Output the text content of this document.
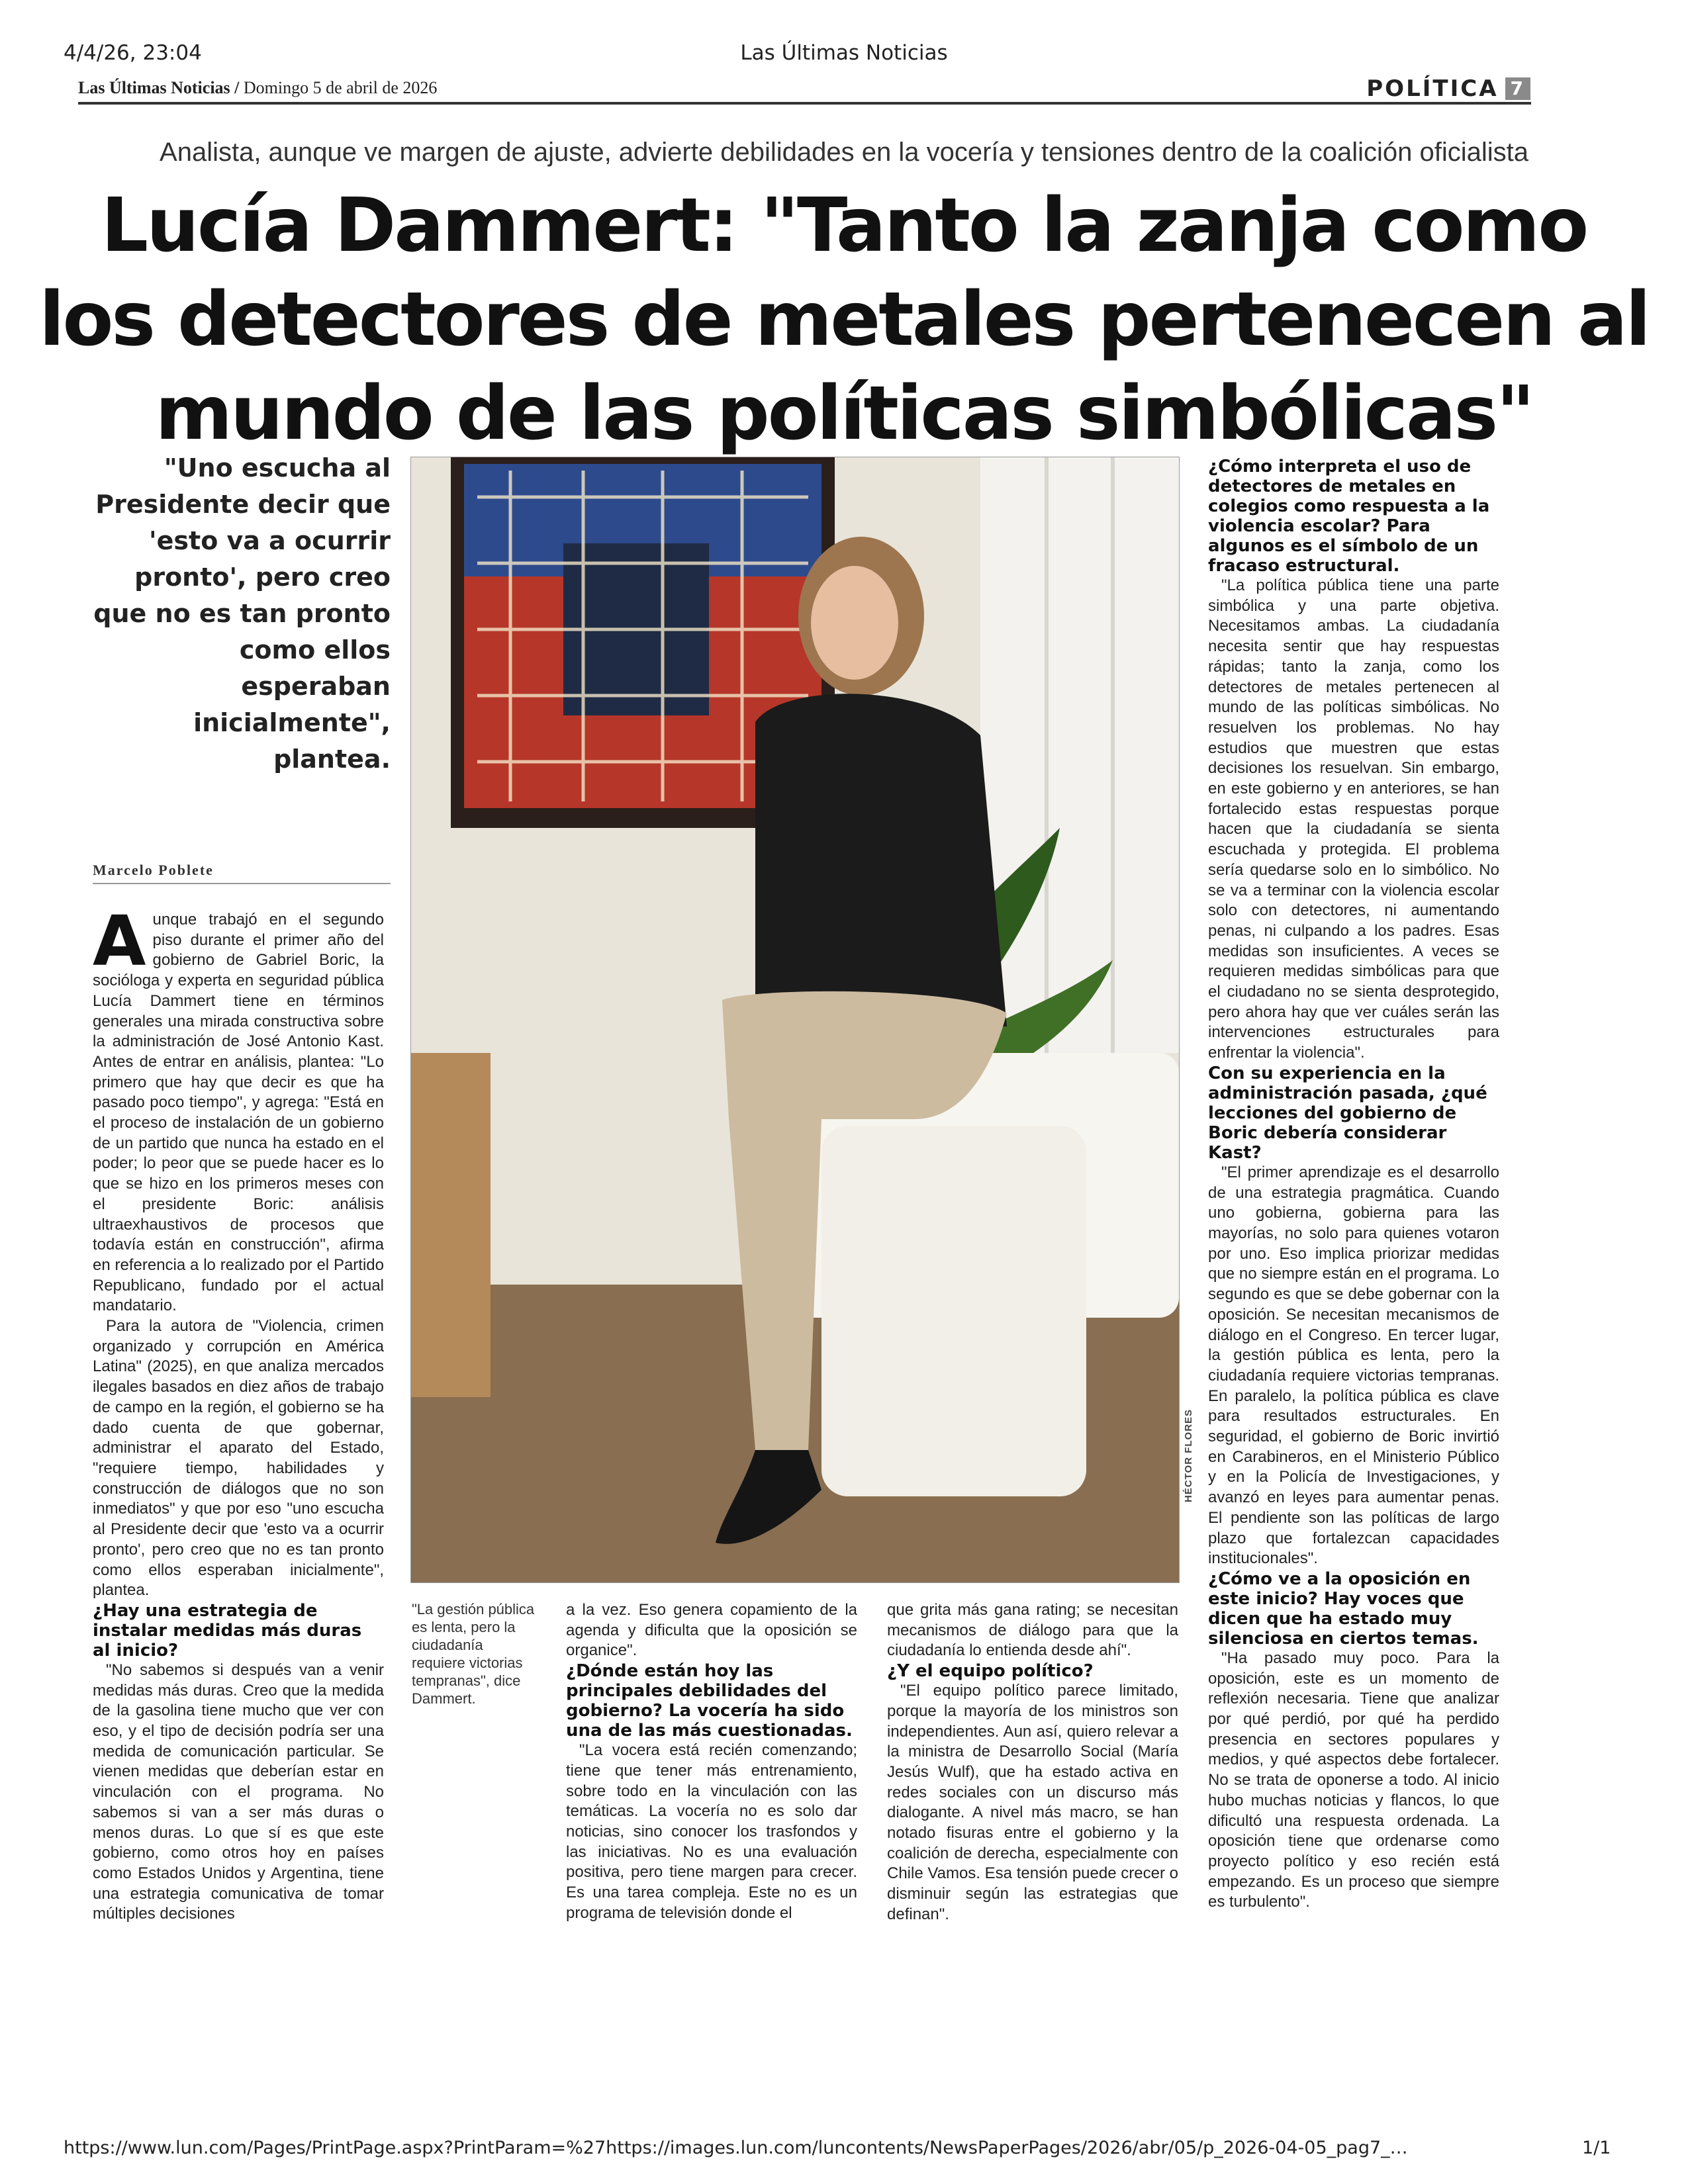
4/4/26, 23:04	Las Últimas Noticias
Las Últimas Noticias / Domingo 5 de abril de 2026	POLÍTICA 7
Analista, aunque ve margen de ajuste, advierte debilidades en la vocería y tensiones dentro de la coalición oficialista
Lucía Dammert: "Tanto la zanja como
los detectores de metales pertenecen al
mundo de las políticas simbólicas"
"Uno escucha al Presidente decir que 'esto va a ocurrir pronto', pero creo que no es tan pronto como ellos esperaban inicialmente", plantea.
Marcelo Poblete
HÉCTOR FLORES

Aunque trabajó en el segundo piso durante el primer año del gobierno de Gabriel Boric, la socióloga y experta en seguridad pública Lucía Dammert tiene en términos generales una mirada constructiva sobre la administración de José Antonio Kast. Antes de entrar en análisis, plantea: "Lo primero que hay que decir es que ha pasado poco tiempo", y agrega: "Está en el proceso de instalación de un gobierno de un partido que nunca ha estado en el poder; lo peor que se puede hacer es lo que se hizo en los primeros meses con el presidente Boric: análisis ultraexhaustivos de procesos que todavía están en construcción", afirma en referencia a lo realizado por el Partido Republicano, fundado por el actual mandatario.

Para la autora de "Violencia, crimen organizado y corrupción en América Latina" (2025), en que analiza mercados ilegales basados en diez años de trabajo de campo en la región, el gobierno se ha dado cuenta de que gobernar, administrar el aparato del Estado, "requiere tiempo, habilidades y construcción de diálogos que no son inmediatos" y que por eso "uno escucha al Presidente decir que 'esto va a ocurrir pronto', pero creo que no es tan pronto como ellos esperaban inicialmente", plantea.

¿Hay una estrategia de instalar medidas más duras al inicio?

"No sabemos si después van a venir medidas más duras. Creo que la medida de la gasolina tiene mucho que ver con eso, y el tipo de decisión podría ser una medida de comunicación particular. Se vienen medidas que deberían estar en vinculación con el programa. No sabemos si van a ser más duras o menos duras. Lo que sí es que este gobierno, como otros hoy en países como Estados Unidos y Argentina, tiene una estrategia comunicativa de tomar múltiples decisiones

"La gestión pública es lenta, pero la ciudadanía requiere victorias tempranas", dice Dammert.

a la vez. Eso genera copamiento de la agenda y dificulta que la oposición se organice".

¿Dónde están hoy las principales debilidades del gobierno? La vocería ha sido una de las más cuestionadas.

"La vocera está recién comenzando; tiene que tener más entrenamiento, sobre todo en la vinculación con las temáticas. La vocería no es solo dar noticias, sino conocer los trasfondos y las iniciativas. No es una evaluación positiva, pero tiene margen para crecer. Es una tarea compleja. Este no es un programa de televisión donde el

que grita más gana rating; se necesitan mecanismos de diálogo para que la ciudadanía lo entienda desde ahí".

¿Y el equipo político?

"El equipo político parece limitado, porque la mayoría de los ministros son independientes. Aun así, quiero relevar a la ministra de Desarrollo Social (María Jesús Wulf), que ha estado activa en redes sociales con un discurso más dialogante. A nivel más macro, se han notado fisuras entre el gobierno y la coalición de derecha, especialmente con Chile Vamos. Esa tensión puede crecer o disminuir según las estrategias que definan".

¿Cómo interpreta el uso de detectores de metales en colegios como respuesta a la violencia escolar? Para algunos es el símbolo de un fracaso estructural.

"La política pública tiene una parte simbólica y una parte objetiva. Necesitamos ambas. La ciudadanía necesita sentir que hay respuestas rápidas; tanto la zanja, como los detectores de metales pertenecen al mundo de las políticas simbólicas. No resuelven los problemas. No hay estudios que muestren que estas decisiones los resuelvan. Sin embargo, en este gobierno y en anteriores, se han fortalecido estas respuestas porque hacen que la ciudadanía se sienta escuchada y protegida. El problema sería quedarse solo en lo simbólico. No se va a terminar con la violencia escolar solo con detectores, ni aumentando penas, ni culpando a los padres. Esas medidas son insuficientes. A veces se requieren medidas simbólicas para que el ciudadano no se sienta desprotegido, pero ahora hay que ver cuáles serán las intervenciones estructurales para enfrentar la violencia".

Con su experiencia en la administración pasada, ¿qué lecciones del gobierno de Boric debería considerar Kast?

"El primer aprendizaje es el desarrollo de una estrategia pragmática. Cuando uno gobierna, gobierna para las mayorías, no solo para quienes votaron por uno. Eso implica priorizar medidas que no siempre están en el programa. Lo segundo es que se debe gobernar con la oposición. Se necesitan mecanismos de diálogo en el Congreso. En tercer lugar, la gestión pública es lenta, pero la ciudadanía requiere victorias tempranas. En paralelo, la política pública es clave para resultados estructurales. En seguridad, el gobierno de Boric invirtió en Carabineros, en el Ministerio Público y en la Policía de Investigaciones, y avanzó en leyes para aumentar penas. El pendiente son las políticas de largo plazo que fortalezcan capacidades institucionales".

¿Cómo ve a la oposición en este inicio? Hay voces que dicen que ha estado muy silenciosa en ciertos temas.

"Ha pasado muy poco. Para la oposición, este es un momento de reflexión necesaria. Tiene que analizar por qué perdió, por qué ha perdido presencia en sectores populares y medios, y qué aspectos debe fortalecer. No se trata de oponerse a todo. Al inicio hubo muchas noticias y flancos, lo que dificultó una respuesta ordenada. La oposición tiene que ordenarse como proyecto político y eso recién está empezando. Es un proceso que siempre es turbulento".

https://www.lun.com/Pages/PrintPage.aspx?PrintParam=%27https://images.lun.com/luncontents/NewsPaperPages/2026/abr/05/p_2026-04-05_pag7_…	1/1
